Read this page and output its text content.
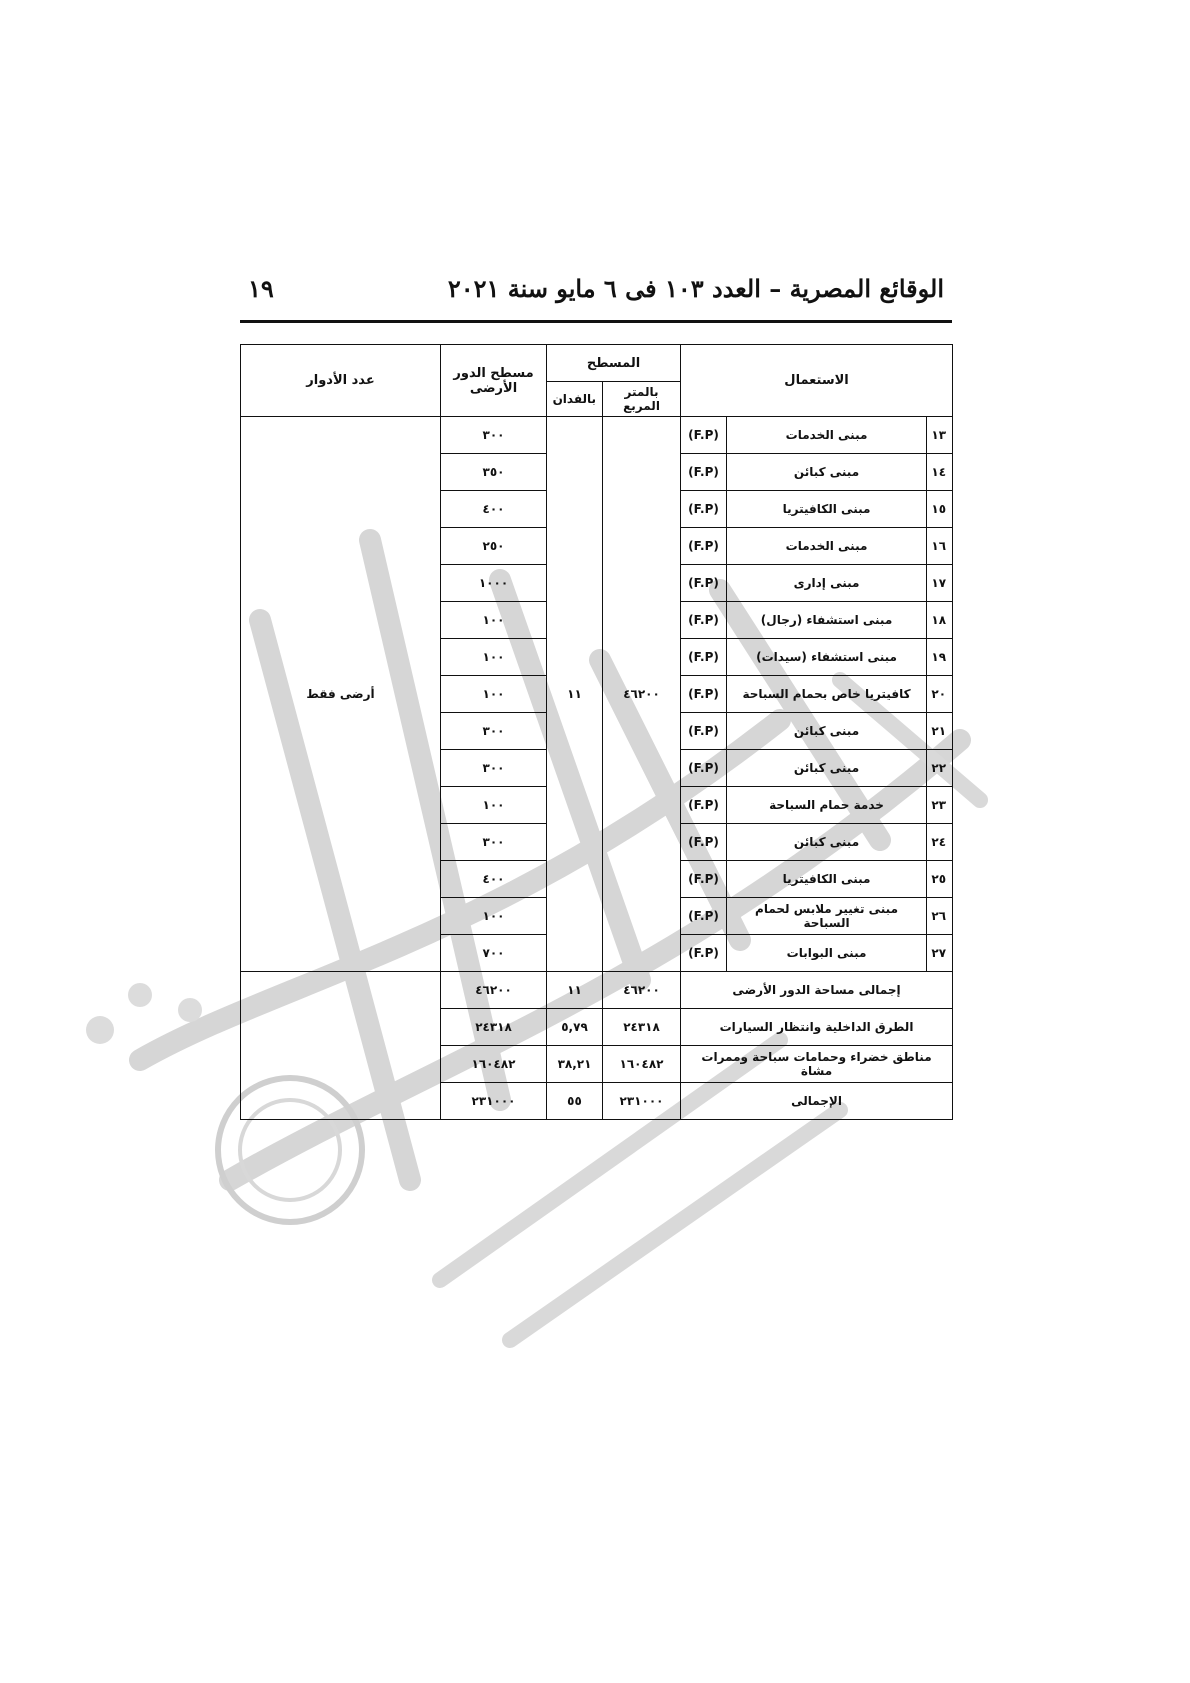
الوقائع المصرية – العدد ١٠٣ فى ٦ مايو سنة ٢٠٢١
١٩
الاستعمال			المسطح		مسطح الدور الأرضى	عدد الأدوار
			بالمتر المربع	بالفدان		
١٣	مبنى الخدمات	(F.P)	٤٦٢٠٠	١١	٣٠٠	أرضى فقط
١٤	مبنى كبائن	(F.P)			٣٥٠	
١٥	مبنى الكافيتريا	(F.P)			٤٠٠	
١٦	مبنى الخدمات	(F.P)			٢٥٠	
١٧	مبنى إدارى	(F.P)			١٠٠٠	
١٨	مبنى استشفاء (رجال)	(F.P)			١٠٠	
١٩	مبنى استشفاء (سيدات)	(F.P)			١٠٠	
٢٠	كافيتريا خاص بحمام السباحة	(F.P)			١٠٠	
٢١	مبنى كبائن	(F.P)			٣٠٠	
٢٢	مبنى كبائن	(F.P)			٣٠٠	
٢٣	خدمة حمام السباحة	(F.P)			١٠٠	
٢٤	مبنى كبائن	(F.P)			٣٠٠	
٢٥	مبنى الكافيتريا	(F.P)			٤٠٠	
٢٦	مبنى تغيير ملابس لحمام السباحة	(F.P)			١٠٠	
٢٧	مبنى البوابات	(F.P)			٧٠٠	
إجمالى مساحة الدور الأرضى			٤٦٢٠٠	١١	٤٦٢٠٠	
الطرق الداخلية وانتظار السيارات			٢٤٣١٨	٥,٧٩	٢٤٣١٨	
مناطق خضراء وحمامات سباحة وممرات مشاة			١٦٠٤٨٢	٣٨,٢١	١٦٠٤٨٢	
الإجمالى			٢٣١٠٠٠	٥٥	٢٣١٠٠٠	
